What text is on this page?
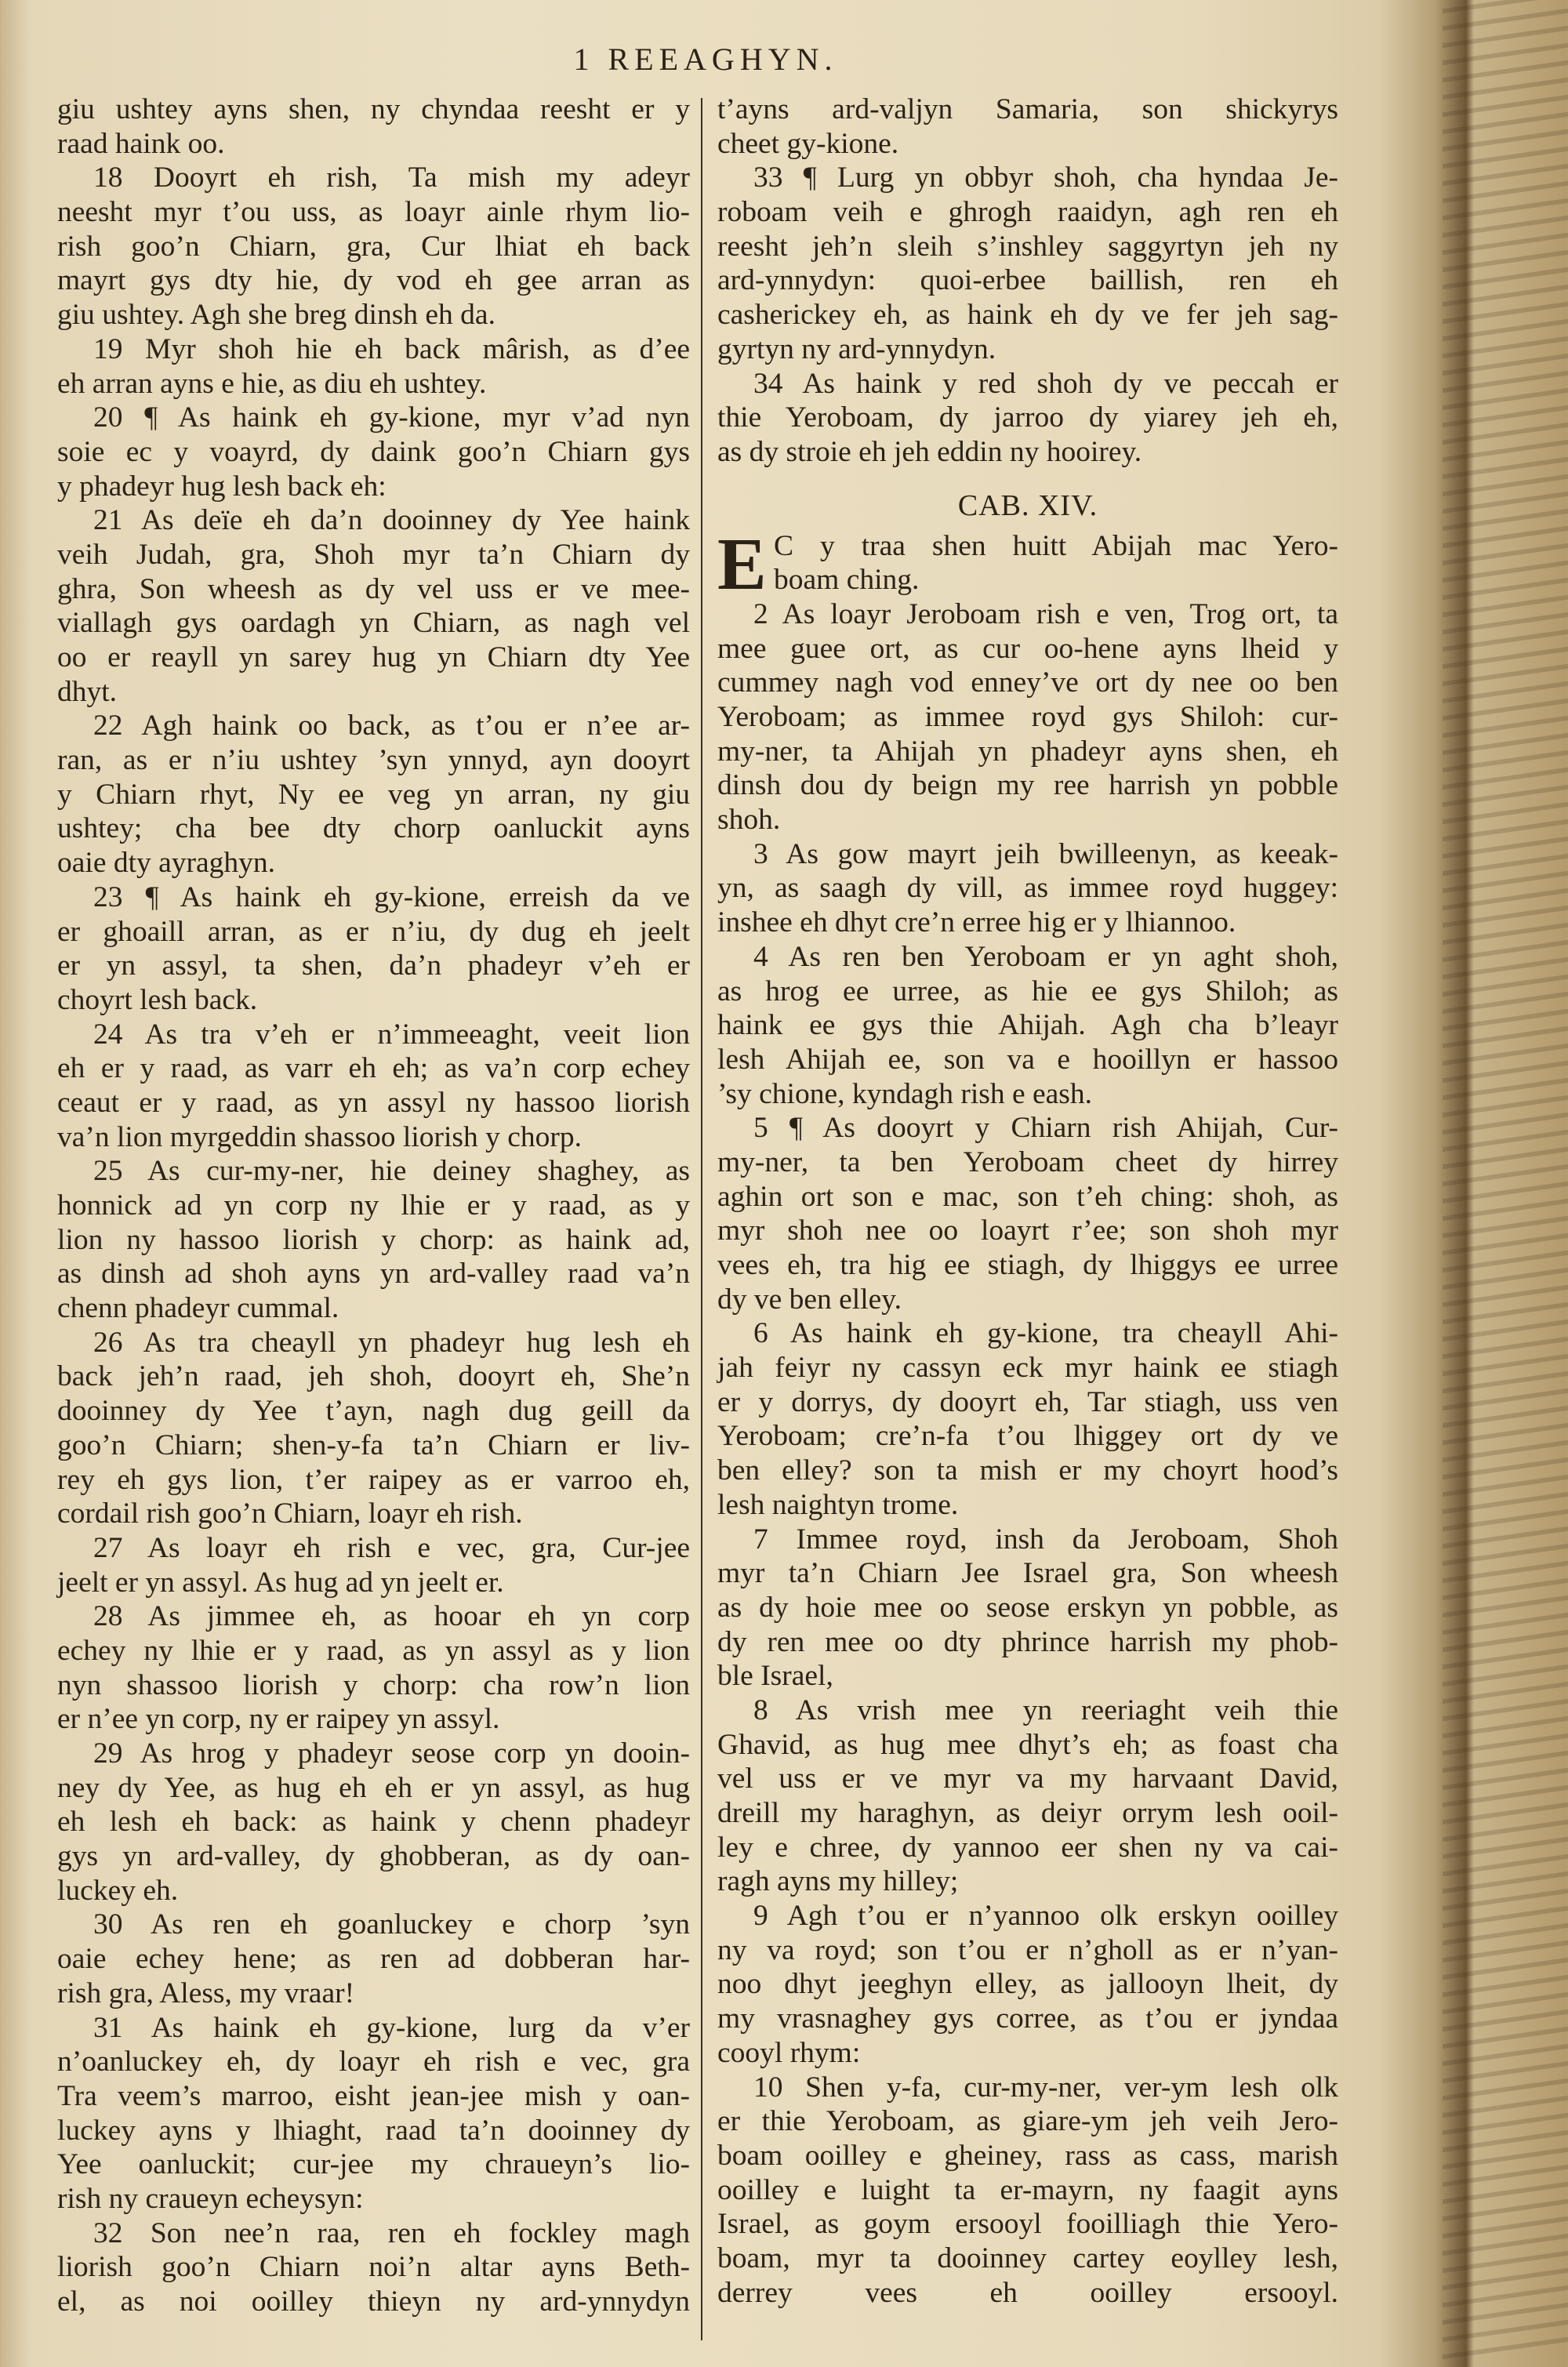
1 REEAGHYN.
giu ushtey ayns shen, ny chyndaa reesht er y
raad haink oo.
18 Dooyrt eh rish, Ta mish my adeyr
neesht myr t’ou uss, as loayr ainle rhym lio-
rish goo’n Chiarn, gra, Cur lhiat eh back
mayrt gys dty hie, dy vod eh gee arran as
giu ushtey. Agh she breg dinsh eh da.
19 Myr shoh hie eh back mârish, as d’ee
eh arran ayns e hie, as diu eh ushtey.
20 ¶ As haink eh gy-kione, myr v’ad nyn
soie ec y voayrd, dy daink goo’n Chiarn gys
y phadeyr hug lesh back eh:
21 As deïe eh da’n dooinney dy Yee haink
veih Judah, gra, Shoh myr ta’n Chiarn dy
ghra, Son wheesh as dy vel uss er ve mee-
viallagh gys oardagh yn Chiarn, as nagh vel
oo er reayll yn sarey hug yn Chiarn dty Yee
dhyt.
22 Agh haink oo back, as t’ou er n’ee ar-
ran, as er n’iu ushtey ’syn ynnyd, ayn dooyrt
y Chiarn rhyt, Ny ee veg yn arran, ny giu
ushtey; cha bee dty chorp oanluckit ayns
oaie dty ayraghyn.
23 ¶ As haink eh gy-kione, erreish da ve
er ghoaill arran, as er n’iu, dy dug eh jeelt
er yn assyl, ta shen, da’n phadeyr v’eh er
choyrt lesh back.
24 As tra v’eh er n’immeeaght, veeit lion
eh er y raad, as varr eh eh; as va’n corp echey
ceaut er y raad, as yn assyl ny hassoo liorish
va’n lion myrgeddin shassoo liorish y chorp.
25 As cur-my-ner, hie deiney shaghey, as
honnick ad yn corp ny lhie er y raad, as y
lion ny hassoo liorish y chorp: as haink ad,
as dinsh ad shoh ayns yn ard-valley raad va’n
chenn phadeyr cummal.
26 As tra cheayll yn phadeyr hug lesh eh
back jeh’n raad, jeh shoh, dooyrt eh, She’n
dooinney dy Yee t’ayn, nagh dug geill da
goo’n Chiarn; shen-y-fa ta’n Chiarn er liv-
rey eh gys lion, t’er raipey as er varroo eh,
cordail rish goo’n Chiarn, loayr eh rish.
27 As loayr eh rish e vec, gra, Cur-jee
jeelt er yn assyl. As hug ad yn jeelt er.
28 As jimmee eh, as hooar eh yn corp
echey ny lhie er y raad, as yn assyl as y lion
nyn shassoo liorish y chorp: cha row’n lion
er n’ee yn corp, ny er raipey yn assyl.
29 As hrog y phadeyr seose corp yn dooin-
ney dy Yee, as hug eh eh er yn assyl, as hug
eh lesh eh back: as haink y chenn phadeyr
gys yn ard-valley, dy ghobberan, as dy oan-
luckey eh.
30 As ren eh goanluckey e chorp ’syn
oaie echey hene; as ren ad dobberan har-
rish gra, Aless, my vraar!
31 As haink eh gy-kione, lurg da v’er
n’oanluckey eh, dy loayr eh rish e vec, gra
Tra veem’s marroo, eisht jean-jee mish y oan-
luckey ayns y lhiaght, raad ta’n dooinney dy
Yee oanluckit; cur-jee my chraueyn’s lio-
rish ny craueyn echeysyn:
32 Son nee’n raa, ren eh fockley magh
liorish goo’n Chiarn noi’n altar ayns Beth-
el, as noi ooilley thieyn ny ard-ynnydyn
t’ayns ard-valjyn Samaria, son shickyrys
cheet gy-kione.
33 ¶ Lurg yn obbyr shoh, cha hyndaa Je-
roboam veih e ghrogh raaidyn, agh ren eh
reesht jeh’n sleih s’inshley saggyrtyn jeh ny
ard-ynnydyn: quoi-erbee baillish, ren eh
casherickey eh, as haink eh dy ve fer jeh sag-
gyrtyn ny ard-ynnydyn.
34 As haink y red shoh dy ve peccah er
thie Yeroboam, dy jarroo dy yiarey jeh eh,
as dy stroie eh jeh eddin ny hooirey.
CAB. XIV.
E C y traa shen huitt Abijah mac Yero-
boam ching.
2 As loayr Jeroboam rish e ven, Trog ort, ta
mee guee ort, as cur oo-hene ayns lheid y
cummey nagh vod enney’ve ort dy nee oo ben
Yeroboam; as immee royd gys Shiloh: cur-
my-ner, ta Ahijah yn phadeyr ayns shen, eh
dinsh dou dy beign my ree harrish yn pobble
shoh.
3 As gow mayrt jeih bwilleenyn, as keeak-
yn, as saagh dy vill, as immee royd huggey:
inshee eh dhyt cre’n erree hig er y lhiannoo.
4 As ren ben Yeroboam er yn aght shoh,
as hrog ee urree, as hie ee gys Shiloh; as
haink ee gys thie Ahijah. Agh cha b’leayr
lesh Ahijah ee, son va e hooillyn er hassoo
’sy chione, kyndagh rish e eash.
5 ¶ As dooyrt y Chiarn rish Ahijah, Cur-
my-ner, ta ben Yeroboam cheet dy hirrey
aghin ort son e mac, son t’eh ching: shoh, as
myr shoh nee oo loayrt r’ee; son shoh myr
vees eh, tra hig ee stiagh, dy lhiggys ee urree
dy ve ben elley.
6 As haink eh gy-kione, tra cheayll Ahi-
jah feiyr ny cassyn eck myr haink ee stiagh
er y dorrys, dy dooyrt eh, Tar stiagh, uss ven
Yeroboam; cre’n-fa t’ou lhiggey ort dy ve
ben elley? son ta mish er my choyrt hood’s
lesh naightyn trome.
7 Immee royd, insh da Jeroboam, Shoh
myr ta’n Chiarn Jee Israel gra, Son wheesh
as dy hoie mee oo seose erskyn yn pobble, as
dy ren mee oo dty phrince harrish my phob-
ble Israel,
8 As vrish mee yn reeriaght veih thie
Ghavid, as hug mee dhyt’s eh; as foast cha
vel uss er ve myr va my harvaant David,
dreill my haraghyn, as deiyr orrym lesh ooil-
ley e chree, dy yannoo eer shen ny va cai-
ragh ayns my hilley;
9 Agh t’ou er n’yannoo olk erskyn ooilley
ny va royd; son t’ou er n’gholl as er n’yan-
noo dhyt jeeghyn elley, as jallooyn lheit, dy
my vrasnaghey gys corree, as t’ou er jyndaa
cooyl rhym:
10 Shen y-fa, cur-my-ner, ver-ym lesh olk
er thie Yeroboam, as giare-ym jeh veih Jero-
boam ooilley e gheiney, rass as cass, marish
ooilley e luight ta er-mayrn, ny faagit ayns
Israel, as goym ersooyl fooilliagh thie Yero-
boam, myr ta dooinney cartey eoylley lesh,
derrey vees eh ooilley ersooyl.
